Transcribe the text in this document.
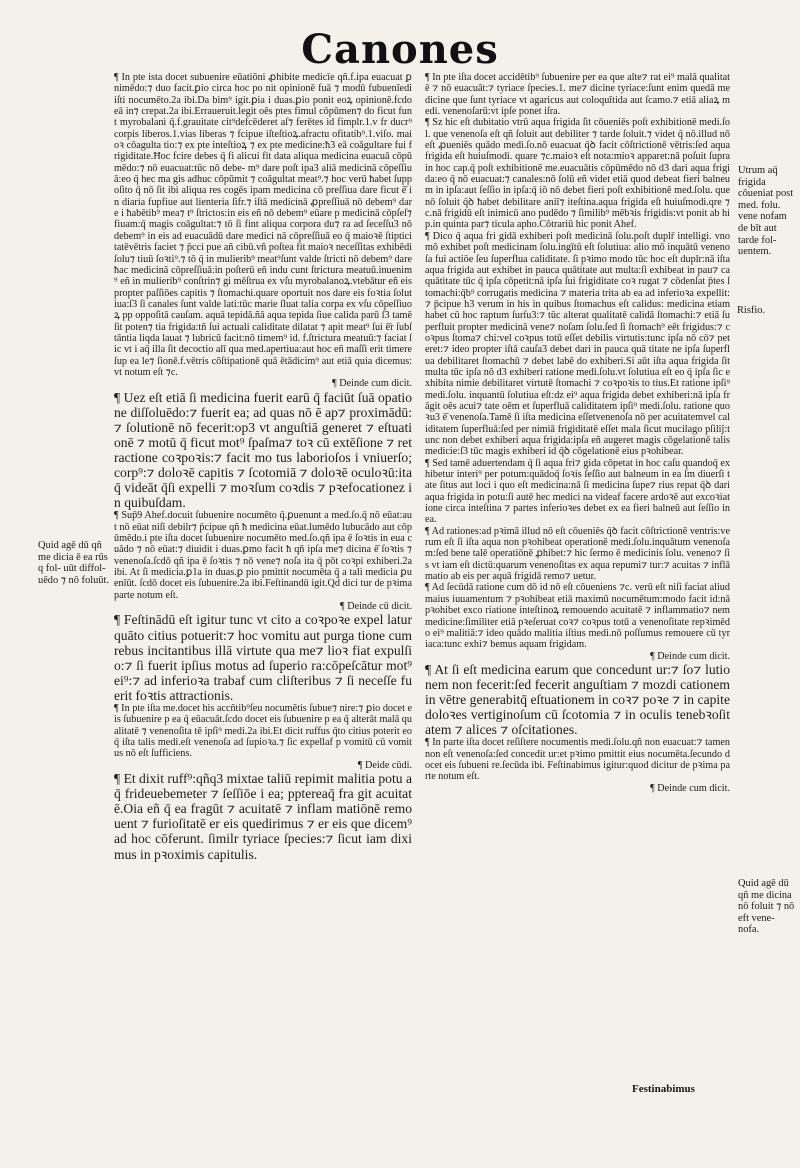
Canones

¶ In pte ista docet subuenire eūatiōni ꝓhibite medicīe qñ.f.ipa euacuat ꝑnimēdo:⁊ duo facit.ꝑio circa hoc po nit opinionē fuā ⁊ modū fubuenīedi iſti nocumēto.2a ibi.Da bim⁹ igit.ꝑia i duas.ꝑio ponit eoꝝ opinionē.fcdo eā in⁊ crepat.2a ibi.Erraueruit.legit oēs ptes fimul cōpūmen⁊ do ficut funt myrobalani q̄.f.grauitate cit⁹defcēderet aſ⁊ ferētes id fimplr.1.v fr ducr⁹ corpis liberos.1.vias liberas ⁊ fcipue iſteſtioꝝ.afractu ofitatib⁹.1.viſo. maioꝛ cōagulta tio:⁊ ex pte inteſtioꝝ ⁊ ex pte medicine:ħ3 eā coāgultare fui frigiditate.Ħoc fcire debes q̄ fi alicui fit data aliqua medicina euacuā cōpūmēdo:⁊ nō euacuat:tūc nō debe- m⁹ dare poſt ipa3 aliā medicinā cōpeſſiuā:eo q̄ hec ma gis adhuc cōpūmit ⁊ coāgultat meat⁹.⁊ hoc verū ħabet ſuppoſito q̄ nō ſit ibi aliqua res cogēs ipam medicina cō preſſiua dare ficut ē̄ in diaria fupfiue aut lienteria ſifr.⁊ iſtā medicinā ꝓpreſſiuā nō debem⁹ dare i ħabētib⁹ mea⁊ t⁹ ſtrictos:in eis eñ nō debem⁹ eūare p medicinā cōpſeſ⁊ fiuam:q̄ magis coāgultat:⁊ tō ſi fint aliqua corpora du⁊ ra ad ſeceſſu3 nō debem⁹ in eis ad euacuādū dare medici nā cōpreſſiuā eo q̄ maioꝛē ſtipticitatēvētris faciet ⁊ p̄cci pue añ cibū.vñ poſtea fit maioꝛ neceſſitas exhibēdi ſolu⁊ tiuū ſoꝛti⁹.⁊ tō q̄ in mulierib⁹ meat⁹ſunt valde ſtricti nō debem⁹ dare ħac medicinā cōpreſſiuā:in poſterū eñ indu cunt ſtrictura meatuū.inuenim⁹ eñ in mulierib⁹ conſtrin⁊ gi mēſtrua ex vſu myrobalanoꝝ.vtebātur eñ eis propter paſſiōes capitis ⁊ ſtomachi.quare oportuit nos dare eis foꝛtia ſolutiua:ſ3 ſi canales ſunt valde lati:tūc marie ſluat talia corpa ex vſu cōpeſſiuoꝝ pp oppoſitā cauſam. aquā tepidā.ñā aqua tepida ſiue calida parū ſ3 tamē ſit poten⁊ tia frigida:tñ ſui actuali caliditate dilatat ⁊ apit meat⁹ ſui ē̄r ſubſtāntia liqda lauat ⁊ lubricū facit:nō timem⁹ id. f.ſtrictura meatuū:⁊ faciat ſic vt i aq̄ illa ſit decoctio alī qua med.apertiua:aut hoc eñ maſſi erit timere ſup ea le⁊ ſionē.f.vētris cōſtipationē quā ētādicim⁹ aut etiā quia dicemus:vt notum eſt ⁊c.

¶ Deinde cum dicit.

¶ Uez eſt etiā ſi medicina fuerit earū q̄ faciūt ſuā opatione diſſoluēdo:⁊ fuerit ea; ad quas nō ē ap⁊ proximādū:⁊ ſolutionē nō fecerit:op3 vt anguſtiā generet ⁊ eſtuationē ⁊ motū q̄ ficut mot⁹ ſpaſma⁊ toꝛ cū extēſione ⁊ retractione coꝛpoꝛis:⁊ facit mo tus laborioſos i vniuerſo; corp⁹:⁊ doloꝛē capitis ⁊ ſcotomiā ⁊ doloꝛē oculoꝛū:ita q̄ videāt q̄ſi expelli ⁊ moꝛſum coꝛdis ⁊ pꝛefocationez in quibuſdam.

¶ Sup̄9 Ahef.docuit ſubuenire nocumēto q̄.ꝑuenunt a med.ſo.q̄ nō eūat:aut nō eūat niſi debilr⁊ p̄cipue qñ ħ medicina eūat.lumēdo lubucādo aut cōpūmēdo.i pte iſta docet ſubuenire nocumēto med.ſo.qñ ipa ē ſoꝛtis in eua cuādo ⁊ nō eūat:⁊ diuidit i duas.ꝑmo facit ħ qñ ipſa me⁊ dicina ē̄ ſoꝛtis ⁊ venenoſa.ſcdō qñ ipa ē ſoꝛtis ⁊ nō vene⁊ noſa ita q̄ pōt coꝛpi exhiberi.2a ibi. At ſi medicia.ꝑ1a in duas.ꝑ pio pmittit nocumēta q̄ a tali medicia ꝑuenīūt. ſcdō docet eis ſubuenire.2a ibi.Feſtinandū igit.Qd̄ dici tur de pꝛima parte notum eſt.

¶ Deinde cū dicit.

¶ Feſtinādū eſt igitur tunc vt cito a coꝛpoꝛe expel latur quāto citius potuerit:⁊ hoc vomitu aut purga tione cum rebus incitantibus illā virtute qua me⁊ lioꝛ fiat expulſio:⁊ ſi fuerit ipſius motus ad ſuperio ra:cōpeſcātur mot⁹ ei⁹:⁊ ad inferioꝛa trabaf cum cliſteribus ⁊ ſi neceſſe fuerit foꝛtis attractionis.

¶ In pte iſta me.docet his accñtib⁹ſeu nocumētis ſubue⁊ nire:⁊ ꝑio docet eis ſubuenire p ea q̄ eūacuāt.ſcdo docet eis ſubuenire p ea q̄ alterāt malā qualitatē ⁊ venenoſita tē ipſi⁹ medi.2a ibi.Et dicit ruffus q̄to citius poterit eo q̄ iſta talis medi.eſt venenoſa ad ſupioꝛa.⁊ ſic expellaf p vomitū cū vomitus nō eſt ſufficiens.

¶ Deide cūdi.

¶ Et dixit ruff⁹:qñq3 mixtae taliū repimit malitia potu aq̄ frideuebemeter ⁊ ſeſſiōe i ea; pptereaq̄ fra git acuitatē.Oia eñ q̄ ea fragūt ⁊ acuitatē ⁊ inflam matiōnē remouent ⁊ furioſitatē er eis quedirimus ⁊ er eis que dicem⁹ ad hoc cōferunt. ſimilr tyriace ſpecies:⁊ ſicut iam diximus in pꝛoximis capitulis.

¶ In pte iſta docet accidētib⁹ ſubuenire per ea que alte⁊ rat ei⁹ malā qualitatē ⁊ nō euacuāt:⁊ tyriace ſpecies.1. me⁊ dicine tyriace:ſunt enim quedā medicine que ſunt tyriace vt agaricus aut coloquītida aut ſcamo.⁊ etiā aliaꝝ medi. venenoſarū:vt ipſe ponet iſra.

¶ Sz hic eſt dubitatio vtrū aqua frigida ſit cōueniēs poſt exhibitionē medi.ſol. que venenoſa eſt qñ ſoluit aut debiliter ⁊ tarde ſoluit.⁊ videt q̄ nō.illud nō eſt ꝓueniēs quādo medi.ſo.nō euacuat q̄ꝺ facit cōſtrictionē vētris:ſed aqua frigida eſt huiuſmodi. quare ⁊c.maioꝛ eſt nota:mioꝛ apparet:nā poſuit ſupra in hoc cap.q̄ poſt exhibitionē me.euacuātis cōpūmēdo nō d3 dari aqua frigida:eo q̄ nō euacuat:⁊ canales:nō ſolū eñ videt etiā quod debeat fieri balneum in ipſa:aut ſeſſio in ipſa:q̄ iō nō debet fieri poſt exhibitionē med.ſolu. que nō ſoluit q̄ꝺ ħabet debilitare aniī⁊ iteſtina.aqua frigida eſt huiuſmodi.qre ⁊c.nā frigidū eſt inimicū ano pudēdo ⁊ ſimilib⁹ mēbꝛis frigidis:vt ponit ab hip.in quinta par⁊ ticula apho.Cōtrariū hic ponit Ahef.

¶ Dico q̄ aqua fri gidā exhiberi poſt medicinā ſolu.poſt duplr̄ intelligi. vno mō exhibet poſt medicinam ſolu.ingītū eſt ſolutiua: alio mō inquātū venenoſa fui actiōe ſeu ſuperflua caliditate. ſi pꝛimo modo tūc hoc eſt duplr:nā iſta aqua frigida aut exhibet in pauca quātitate aut multa:ſi exhibeat in pau⁊ ca quātitate tūc q̄ ipſa cōpetit:nā ipſa ſui frigiditate coꝛ rugat ⁊ cōdenſat p̄tes ſtomachi:q̄b⁹ corrugatis medicina ⁊ materia trita ab ea ad inferioꝛa expellit:⁊ p̄cipue h3 verum in his in quibus ſtomachus eſt calidus: medicina etiam habet cū hoc raptum ſurſu3:⁊ tūc alterat qualitatē calidā ſtomachi:⁊ etiā ſuperfluit propter medicinā vene⁊ noſam ſolu.ſed ſi ſtomach⁹ eēt frigidus:⁊ coꝛpus ſtoma⁊ chi:vel coꝛpus totū eſſet debilis virtutis:tunc ipſa nō cō⁊ peteret:⁊ ideo propter iſtā cauſa3 debet dari in pauca quā titate ne ipſa ſuperflua debilitaret ſtomachū ⁊ debet labē do exhiberi.Si aūt iſta aqua frigida ſit multa tūc ipſa nō d3 exhiberi ratione medi.ſolu.vt ſolutiua eſt eo q̄ ipſa ſic exhibita nimie debilitaret virtutē ſtomachi ⁊ coꝛpoꝛis to tius.Et ratione ipſi⁹ medi.ſolu. inquantū ſolutiua eſt:dz ei⁹ aqua frigida debet exhiberi:nā ipſa frāgit oēs acui⁊ tate oēm et ſuperfluā caliditatem ipſi⁹ medi.ſolu. ratione quoꝛu3 ē̄ venenoſa.Tamē ſi iſta medicina eſſetvenenoſa nō per acuitatemvel caliditatem ſuperfluā:ſed per nimiā frigiditatē eſſet mala ſicut mucilago pſiliĵ:tunc non debet exhiberi aqua frigida:ipſa eñ augeret magis cōgelationē talis medicie:ſ3 tūc magis exhiberi id q̄ꝺ cōgelationē eius pꝛohibear.

¶ Sed tamē aduertendam q̄ ſi aqua fri⁊ gida cōpetat in hoc caſu quandoq̄ exhibetur interi⁹ per potum:quādoq̄ ſoꝛis ſeſſio aut balneum in ea ſm diuerſi tate ſitus aut loci i quo eſt medicina:nā ſi medicina ſupe⁊ rius repat q̄ꝺ dari aqua frigida in potu:ſi autē hec medici na videaf facere ardoꝛē aut excoꝛiatione circa inteſtina ⁊ partes inferioꝛes debet ex ea fieri balneū aut ſeſſio in ea.

¶ Ad rationes:ad pꝛimā illud nō eſt cōueniēs q̄ꝺ facit cōſtrictionē ventris:verum eſt ſi iſta aqua non pꝛohibeat operationē medi.ſolu.inquātum venenoſam:ſed bene talē operatiōnē ꝓhibet:⁊ hic ſermo ē medicinis ſolu. veneno⁊ ſis vt iam eſt dictū:quarum venenoſitas ex aqua repumi⁊ tur:⁊ acuitas ⁊ inflāmatio ab eis per aquā frigidā remo⁊ uetur.

¶ Ad ſecūdā ratione cum dō id nō eſt cōueniens ⁊c. verū eſt niſi faciat aliud maius iuuamentum ⁊ pꝛohibeat etiā maximū nocumētum:modo facit id:nā pꝛohibet exco riatione inteſtinoꝝ remouendo acuitatē ⁊ inflammatio⁊ nem medicine:ſimiliter etiā pꝛeſeruat coꝛ⁊ coꝛpus totū a venenoſitate repꝛimēdo ei⁹ malitiā:⁊ ideo quādo malitia iſtius medi.nō poſſumus remouere cū tyriaca:tunc exhi⁊ bemus aquam frigidam.

¶ Deinde cum dicit.

¶ At ſi eſt medicina earum que concedunt ur:⁊ ſo⁊ lutionem non fecerit:ſed fecerit anguſtiam ⁊ mozdi cationem in vētre generabitq̄ eſtuationem in coꝛ⁊ poꝛe ⁊ in capite doloꝛes vertiginoſum cū ſcotomia ⁊ in oculis tenebꝛoſitatem ⁊ alices ⁊ oſcitationes.

¶ In parte iſta docet reſiſtere nocumentis medi.ſolu.qñ non euacuat:⁊ tamen non eſt venenoſa:ſed concedit ur:et pꝛimo pmittit eius nocumēta.ſecundo docet eis ſubueni re.ſecūda ibi. Feſtinabimus igitur:quod dicitur de pꝛima parte notum eſt.

¶ Deinde cum dicit.
Quid agē dū qñ me dicia ē ea rūs q fol- uūt diffol- uēdo ⁊ nō foluūt.
Utrum aq̄ frigida cōueniat post med. folu. vene nofam de bīt aut tarde fol- uentem.
Risfio.
Quid agē dū qñ me dicina nō foluit ⁊ nō eft vene- nofa.
Festinabimus
